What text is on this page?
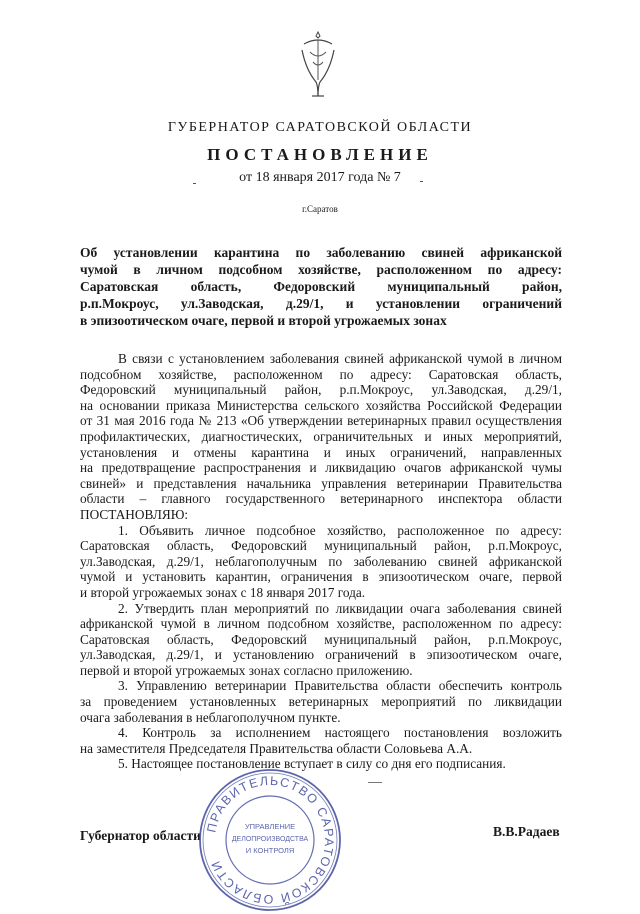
ГУБЕРНАТОР САРАТОВСКОЙ ОБЛАСТИ
ПОСТАНОВЛЕНИЕ
от 18 января 2017 года № 7
г.Саратов
Об установлении карантина по заболеванию свиней африканской
чумой в личном подсобном хозяйстве, расположенном по адресу:
Саратовская область, Федоровский муниципальный район,
р.п.Мокроус, ул.Заводская, д.29/1, и установлении ограничений
в эпизоотическом очаге, первой и второй угрожаемых зонах
В связи с установлением заболевания свиней африканской чумой в личном
подсобном хозяйстве, расположенном по адресу: Саратовская область,
Федоровский муниципальный район, р.п.Мокроус, ул.Заводская, д.29/1,
на основании приказа Министерства сельского хозяйства Российской Федерации
от 31 мая 2016 года № 213 «Об утверждении ветеринарных правил осуществления
профилактических, диагностических, ограничительных и иных мероприятий,
установления и отмены карантина и иных ограничений, направленных
на предотвращение распространения и ликвидацию очагов африканской чумы
свиней» и представления начальника управления ветеринарии Правительства
области – главного государственного ветеринарного инспектора области
ПОСТАНОВЛЯЮ:
1. Объявить личное подсобное хозяйство, расположенное по адресу:
Саратовская область, Федоровский муниципальный район, р.п.Мокроус,
ул.Заводская, д.29/1, неблагополучным по заболеванию свиней африканской
чумой и установить карантин, ограничения в эпизоотическом очаге, первой
и второй угрожаемых зонах с 18 января 2017 года.
2. Утвердить план мероприятий по ликвидации очага заболевания свиней
африканской чумой в личном подсобном хозяйстве, расположенном по адресу:
Саратовская область, Федоровский муниципальный район, р.п.Мокроус,
ул.Заводская, д.29/1, и установлению ограничений в эпизоотическом очаге,
первой и второй угрожаемых зонах согласно приложению.
3. Управлению ветеринарии Правительства области обеспечить контроль
за проведением установленных ветеринарных мероприятий по ликвидации
очага заболевания в неблагополучном пункте.
4. Контроль за исполнением настоящего постановления возложить
на заместителя Председателя Правительства области Соловьева А.А.
5. Настоящее постановление вступает в силу со дня его подписания.
Губернатор области	В.В.Радаев
ПРАВИТЕЛЬСТВО САРАТОВСКОЙ ОБЛАСТИ
УПРАВЛЕНИЕ
ДЕЛОПРОИЗВОДСТВА
И КОНТРОЛЯ
